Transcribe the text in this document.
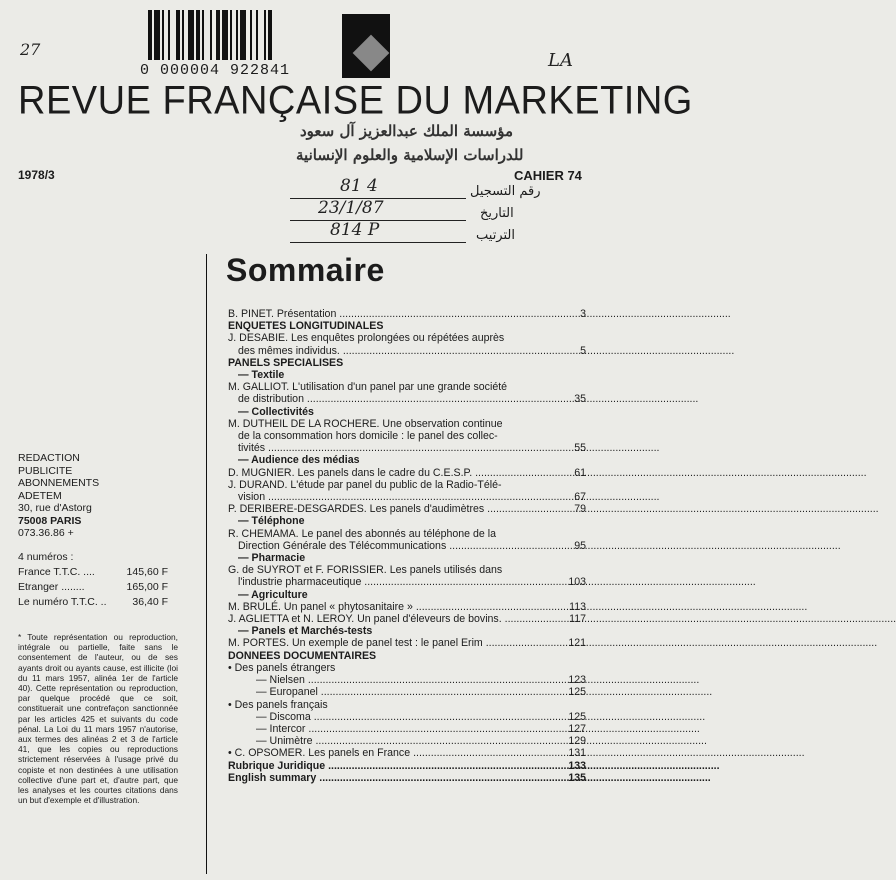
27
LA
0 000004 922841
REVUE FRANÇAISE DU MARKETING
مؤسسة الملك عبدالعزيز آل سعود
للدراسات الإسلامية والعلوم الإنسانية
1978/3	CAHIER 74
81 4	رقم التسجيل
23/1/87	التاريخ
814 P	الترتيب
Sommaire
B. PINET. Présentation .....	3
ENQUETES LONGITUDINALES
J. DESABIE. Les enquêtes prolongées ou répétées auprès
des mêmes individus. .....	5
PANELS SPECIALISES
— Textile
M. GALLIOT. L'utilisation d'un panel par une grande société
de distribution .....	35
— Collectivités
M. DUTHEIL DE LA ROCHERE. Une observation continue
de la consommation hors domicile : le panel des collec-
tivités .....	55
— Audience des médias
D. MUGNIER. Les panels dans le cadre du C.E.S.P. .....	61
J. DURAND. L'étude par panel du public de la Radio-Télé-
vision .....	67
P. DERIBERE-DESGARDES. Les panels d'audimètres .....	79
— Téléphone
R. CHEMAMA. Le panel des abonnés au téléphone de la
Direction Générale des Télécommunications .....	95
— Pharmacie
G. de SUYROT et F. FORISSIER. Les panels utilisés dans
l'industrie pharmaceutique .....	103
— Agriculture
M. BRULÉ. Un panel « phytosanitaire » .....	113
J. AGLIETTA et N. LEROY. Un panel d'éleveurs de bovins. .....	117
— Panels et Marchés-tests
M. PORTES. Un exemple de panel test : le panel Erim .....	121
DONNEES DOCUMENTAIRES
• Des panels étrangers
— Nielsen .....	123
— Europanel .....	125
• Des panels français
— Discoma .....	125
— Intercor .....	127
— Unimètre .....	129
• C. OPSOMER. Les panels en France .....	131
Rubrique Juridique .....	133
English summary .....	135
REDACTION
PUBLICITE
ABONNEMENTS
ADETEM
30, rue d'Astorg
75008 PARIS
073.36.86 +
4 numéros :
France T.T.C. ....	145,60 F
Etranger ........	165,00 F
Le numéro T.T.C. .. 36,40 F
* Toute représentation ou reproduction, intégrale ou partielle, faite sans le consentement de l'auteur, ou de ses ayants droit ou ayants cause, est illicite (loi du 11 mars 1957, alinéa 1er de l'article 40). Cette représentation ou reproduction, par quelque procédé que ce soit, constituerait une contrefaçon sanctionnée par les articles 425 et suivants du code pénal. La Loi du 11 mars 1957 n'autorise, aux termes des alinéas 2 et 3 de l'article 41, que les copies ou reproductions strictement réservées à l'usage privé du copiste et non destinées à une utilisation collective d'une part et, d'autre part, que les analyses et les courtes citations dans un but d'exemple et d'illustration.
